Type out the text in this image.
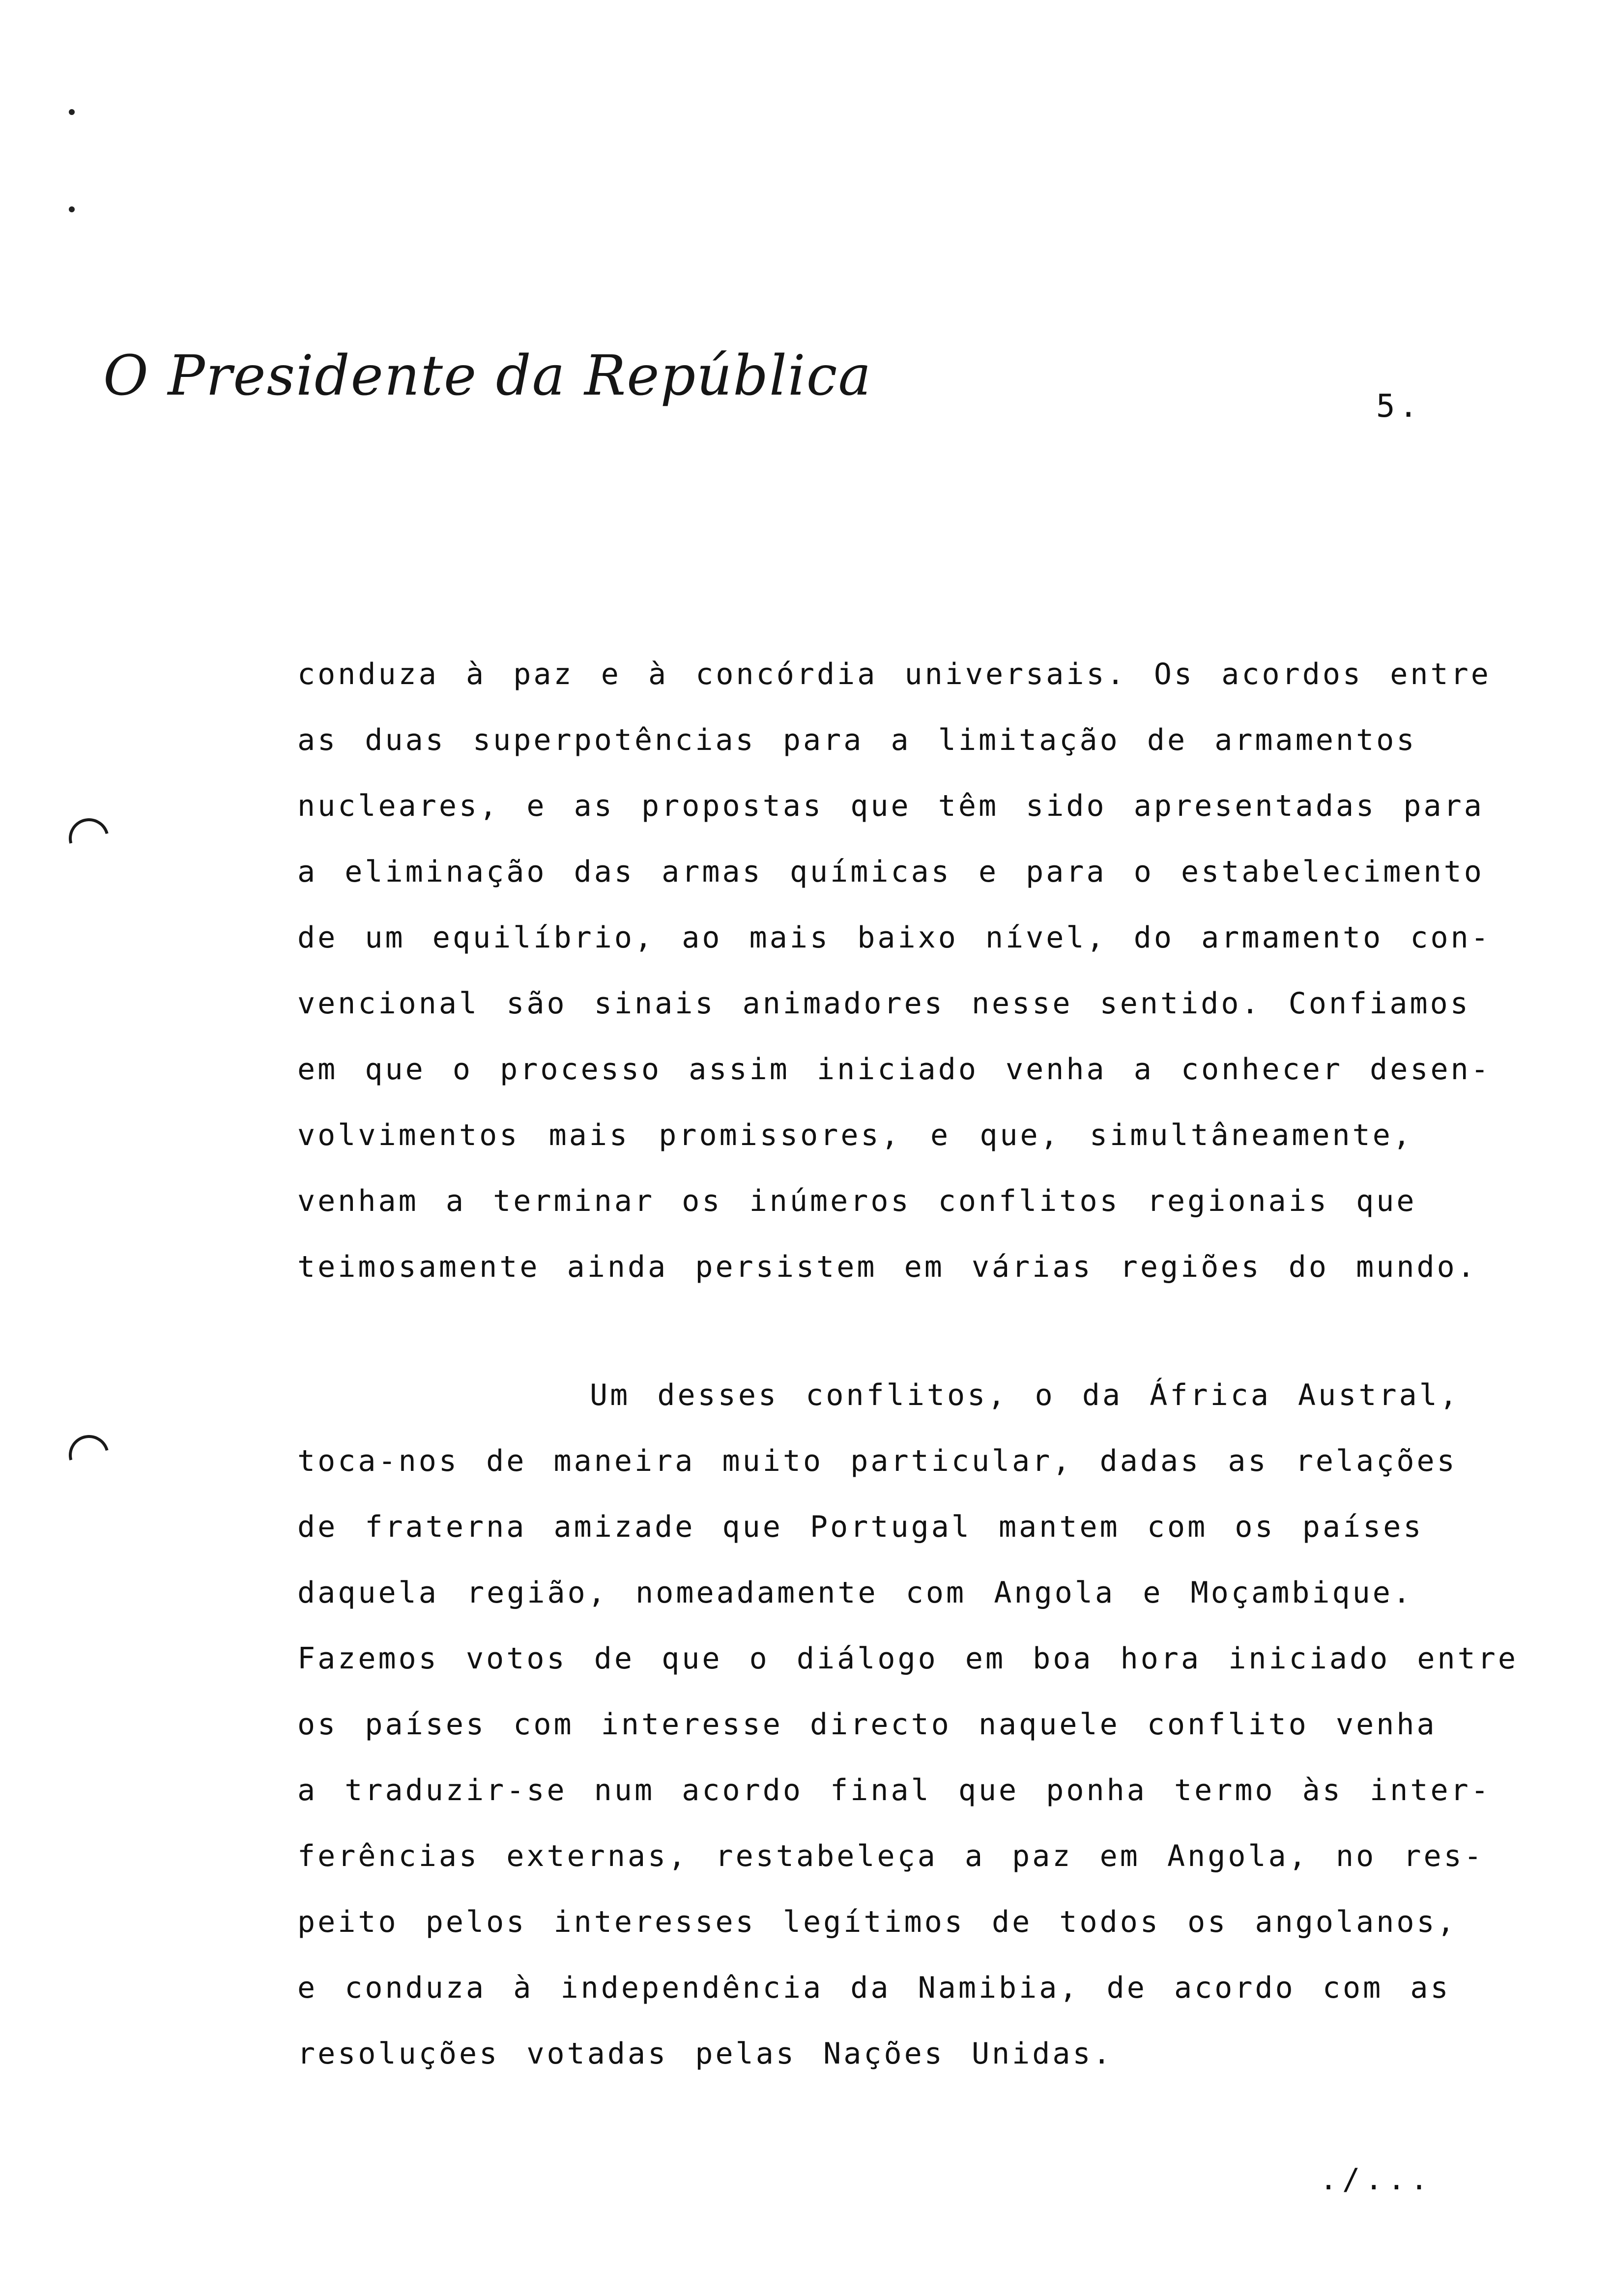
O Presidente da República	5.
conduza à paz e à concórdia universais. Os acordos entre
as duas superpotências para a limitação de armamentos
nucleares, e as propostas que têm sido apresentadas para
a eliminação das armas químicas e para o estabelecimento
de um equilíbrio, ao mais baixo nível, do armamento con-
vencional são sinais animadores nesse sentido. Confiamos
em que o processo assim iniciado venha a conhecer desen-
volvimentos mais promissores, e que, simultâneamente,
venham a terminar os inúmeros conflitos regionais que
teimosamente ainda persistem em várias regiões do mundo.
Um desses conflitos, o da África Austral,
toca-nos de maneira muito particular, dadas as relações
de fraterna amizade que Portugal mantem com os países
daquela região, nomeadamente com Angola e Moçambique.
Fazemos votos de que o diálogo em boa hora iniciado entre
os países com interesse directo naquele conflito venha
a traduzir-se num acordo final que ponha termo às inter-
ferências externas, restabeleça a paz em Angola, no res-
peito pelos interesses legítimos de todos os angolanos,
e conduza à independência da Namibia, de acordo com as
resoluções votadas pelas Nações Unidas.
./...
